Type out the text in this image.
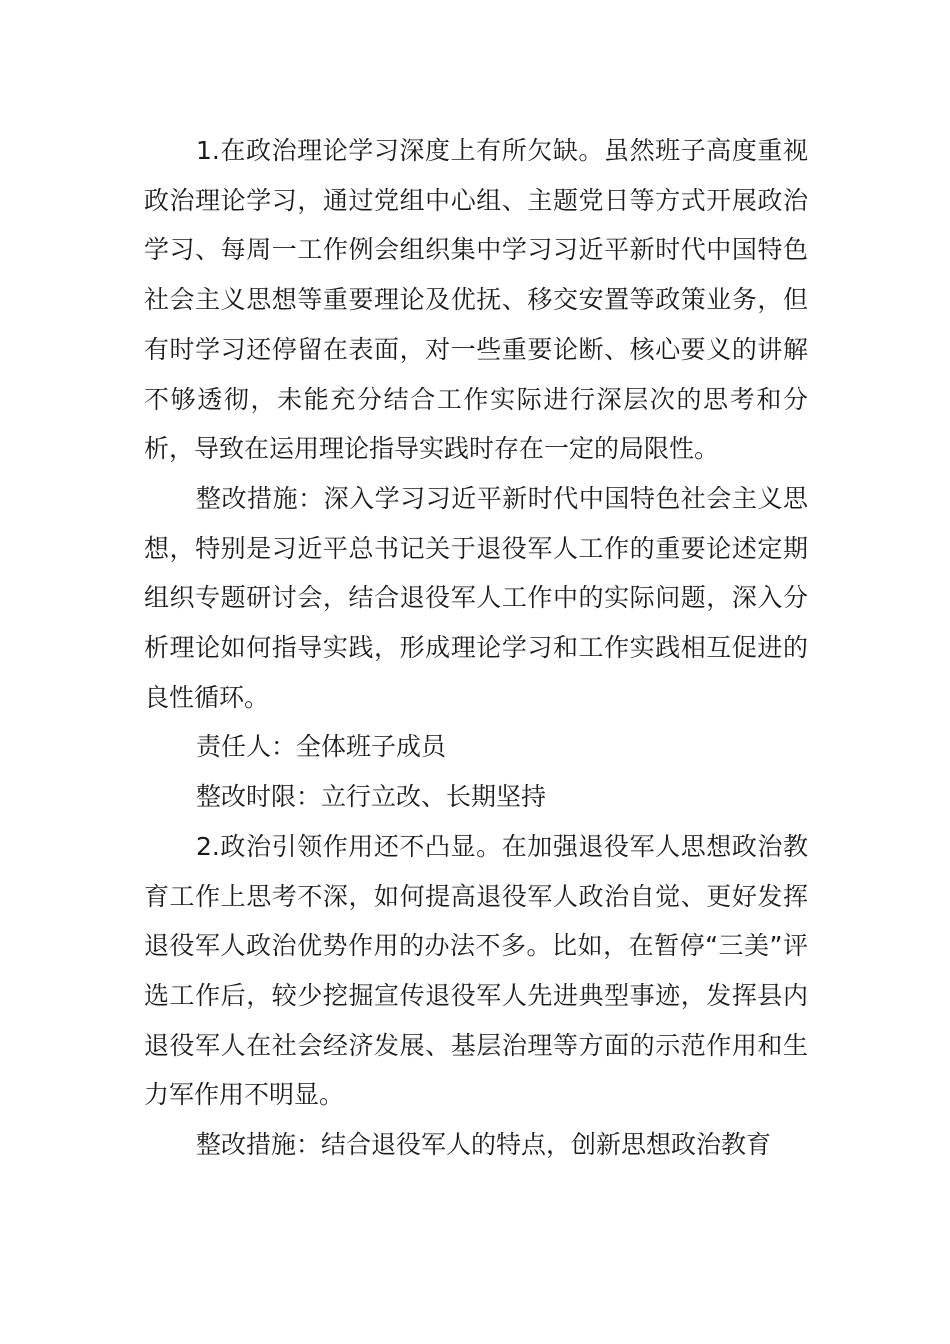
1.在政治理论学习深度上有所欠缺。虽然班子高度重视政治理论学习，通过党组中心组、主题党日等方式开展政治学习、每周一工作例会组织集中学习习近平新时代中国特色社会主义思想等重要理论及优抚、移交安置等政策业务，但有时学习还停留在表面，对一些重要论断、核心要义的讲解不够透彻，未能充分结合工作实际进行深层次的思考和分析，导致在运用理论指导实践时存在一定的局限性。

整改措施：深入学习习近平新时代中国特色社会主义思想，特别是习近平总书记关于退役军人工作的重要论述定期组织专题研讨会，结合退役军人工作中的实际问题，深入分析理论如何指导实践，形成理论学习和工作实践相互促进的良性循环。

责任人：全体班子成员

整改时限：立行立改、长期坚持

2.政治引领作用还不凸显。在加强退役军人思想政治教育工作上思考不深，如何提高退役军人政治自觉、更好发挥退役军人政治优势作用的办法不多。比如，在暂停“三美”评选工作后，较少挖掘宣传退役军人先进典型事迹，发挥县内退役军人在社会经济发展、基层治理等方面的示范作用和生力军作用不明显。

整改措施：结合退役军人的特点，创新思想政治教育
